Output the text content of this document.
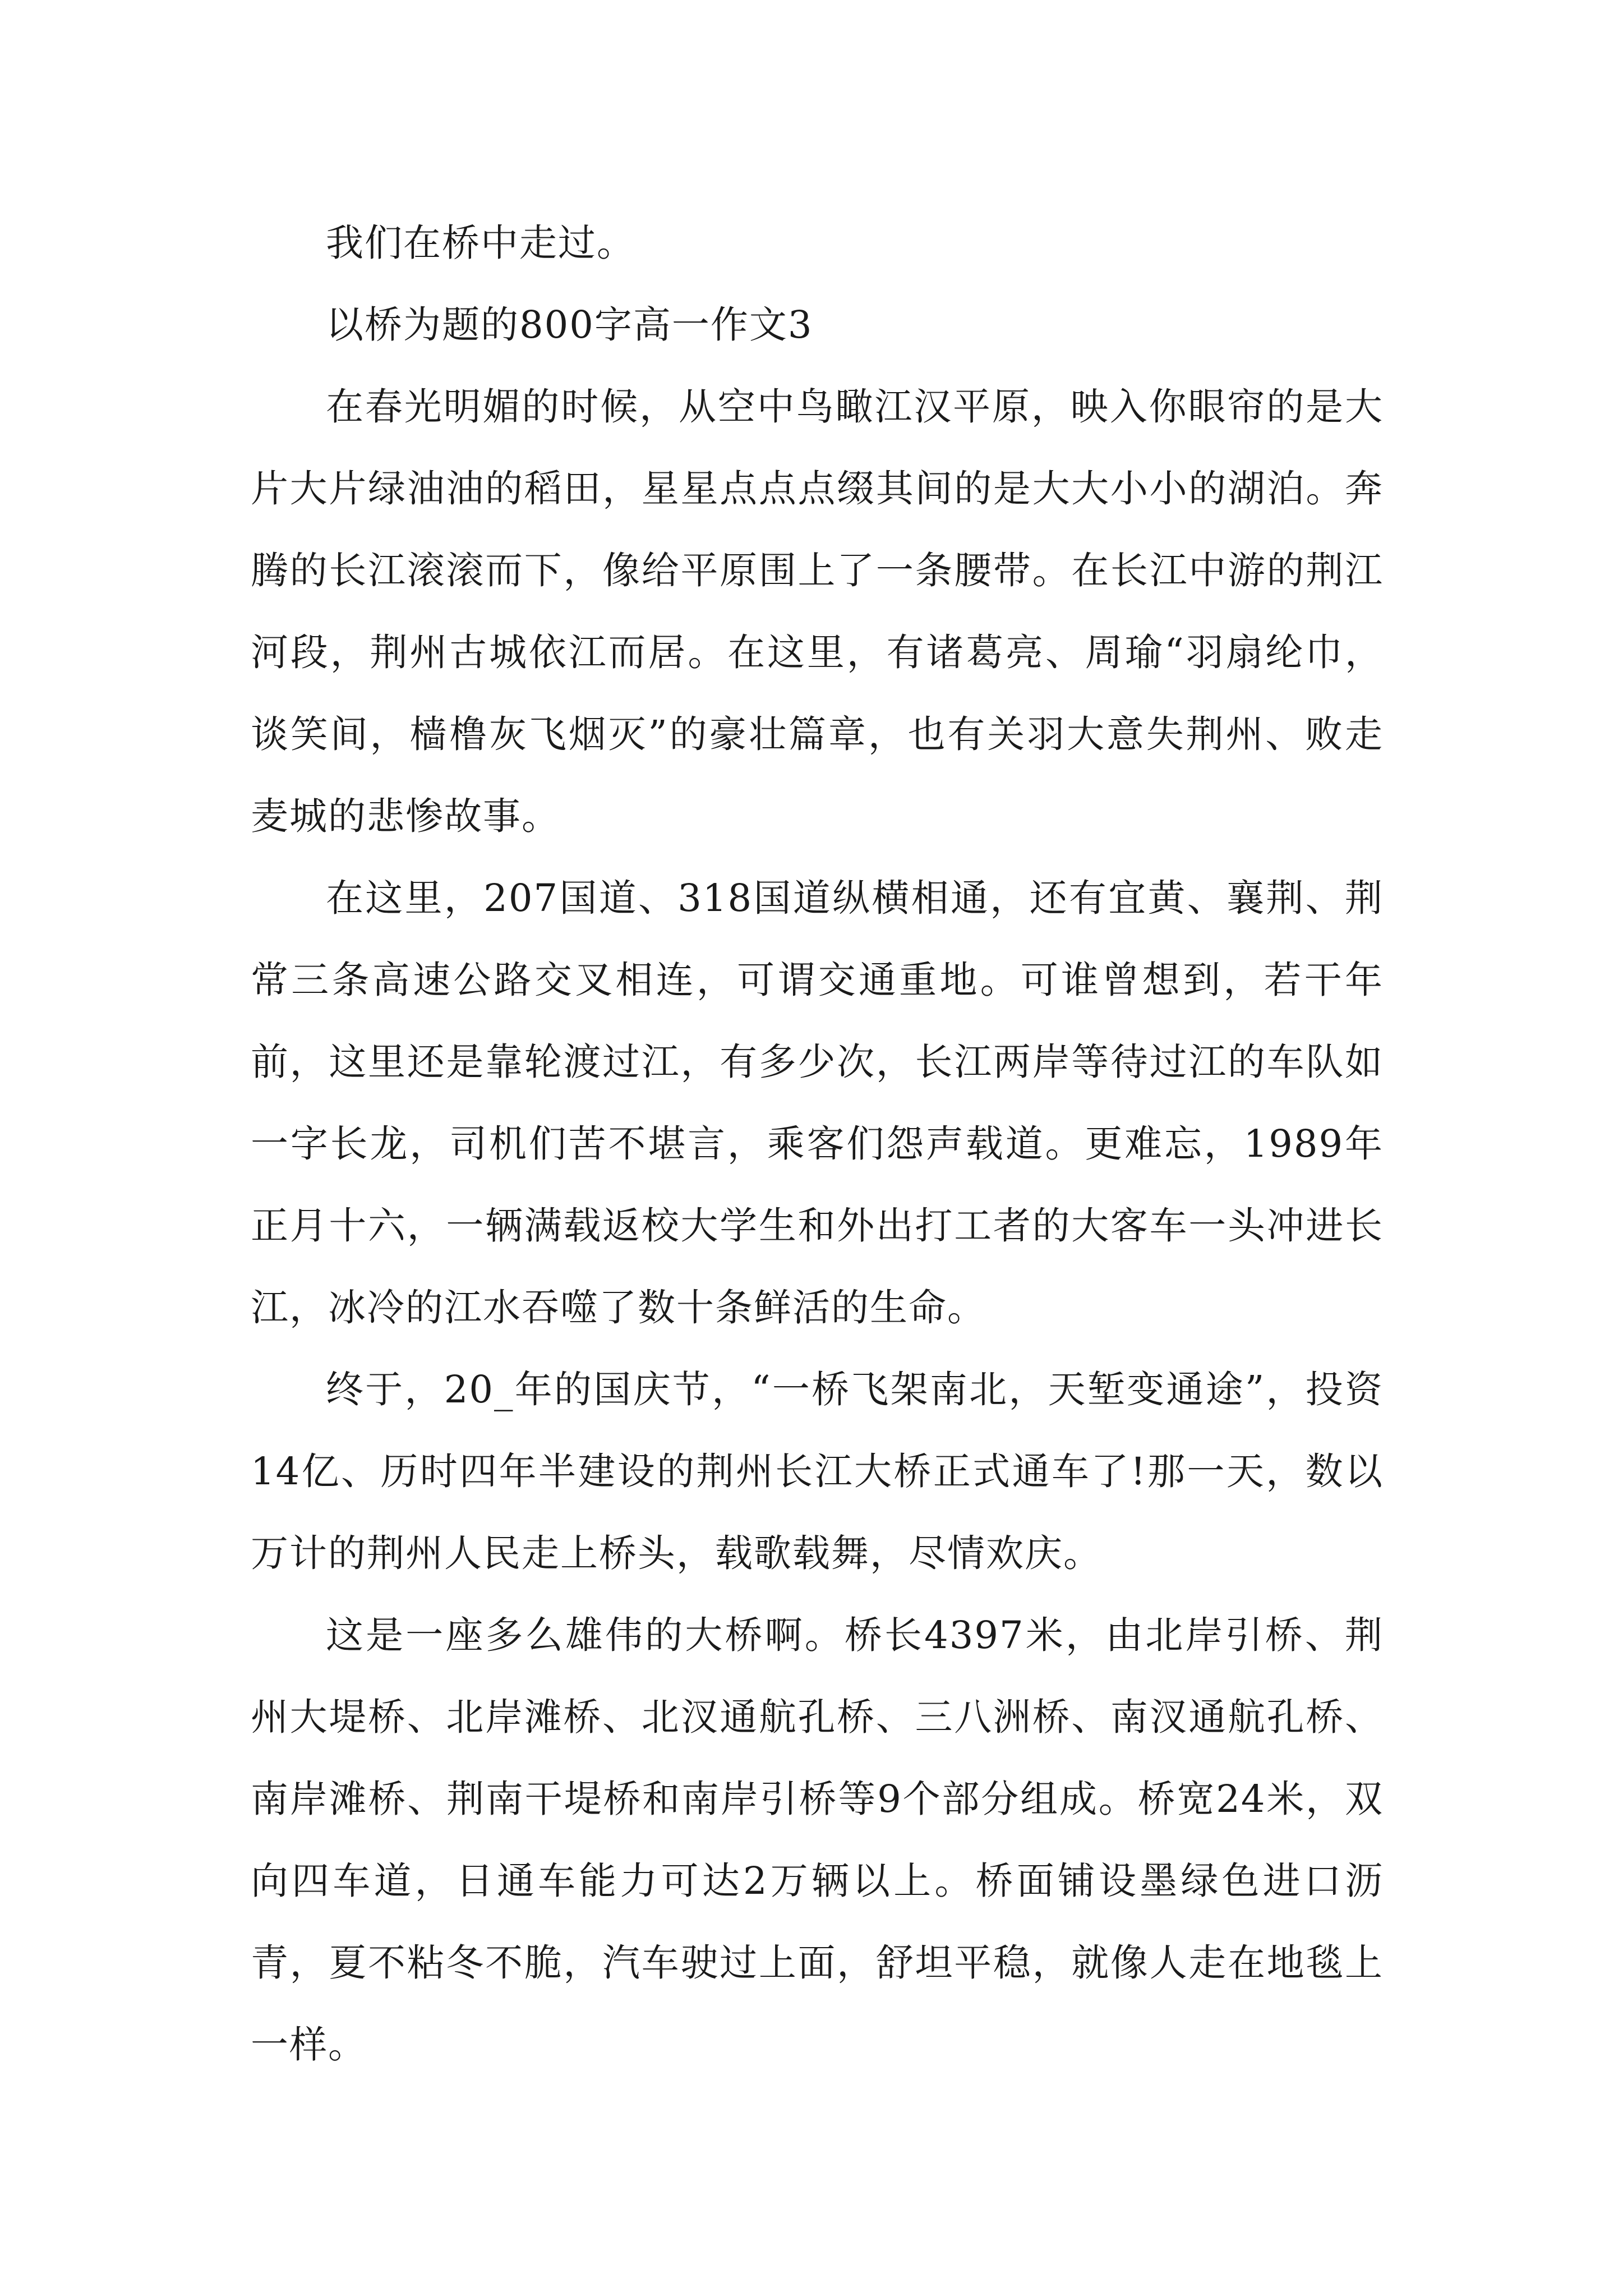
我们在桥中走过。

以桥为题的800字高一作文3

在春光明媚的时候，从空中鸟瞰江汉平原，映入你眼帘的是大片大片绿油油的稻田，星星点点点缀其间的是大大小小的湖泊。奔腾的长江滚滚而下，像给平原围上了一条腰带。在长江中游的荆江河段，荆州古城依江而居。在这里，有诸葛亮、周瑜“羽扇纶巾，谈笑间，樯橹灰飞烟灭”的豪壮篇章，也有关羽大意失荆州、败走麦城的悲惨故事。

在这里，207国道、318国道纵横相通，还有宜黄、襄荆、荆常三条高速公路交叉相连，可谓交通重地。可谁曾想到，若干年前，这里还是靠轮渡过江，有多少次，长江两岸等待过江的车队如一字长龙，司机们苦不堪言，乘客们怨声载道。更难忘，1989年正月十六，一辆满载返校大学生和外出打工者的大客车一头冲进长江，冰冷的江水吞噬了数十条鲜活的生命。

终于，20_年的国庆节，“一桥飞架南北，天堑变通途”，投资14亿、历时四年半建设的荆州长江大桥正式通车了!那一天，数以万计的荆州人民走上桥头，载歌载舞，尽情欢庆。

这是一座多么雄伟的大桥啊。桥长4397米，由北岸引桥、荆州大堤桥、北岸滩桥、北汊通航孔桥、三八洲桥、南汊通航孔桥、南岸滩桥、荆南干堤桥和南岸引桥等9个部分组成。桥宽24米，双向四车道，日通车能力可达2万辆以上。桥面铺设墨绿色进口沥青，夏不粘冬不脆，汽车驶过上面，舒坦平稳，就像人走在地毯上一样。
